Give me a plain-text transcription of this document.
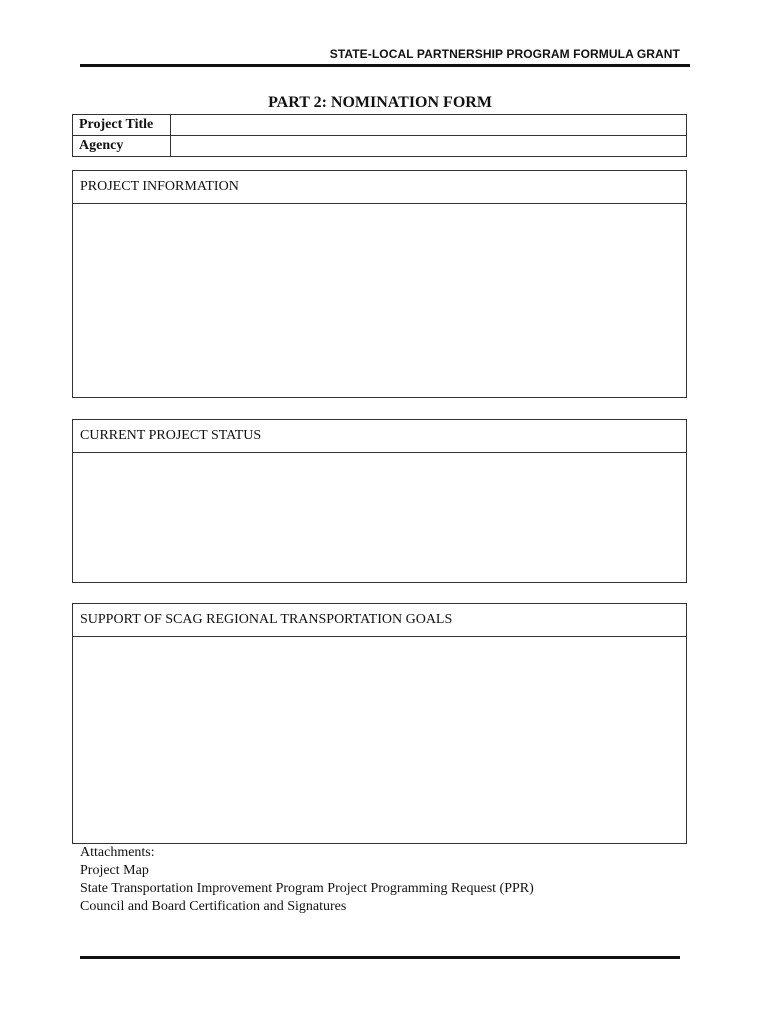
STATE-LOCAL PARTNERSHIP PROGRAM FORMULA GRANT
PART 2: NOMINATION FORM
Project Title	
Agency	
PROJECT INFORMATION
CURRENT PROJECT STATUS
SUPPORT OF SCAG REGIONAL TRANSPORTATION GOALS
Attachments:
Project Map
State Transportation Improvement Program Project Programming Request (PPR)
Council and Board Certification and Signatures
